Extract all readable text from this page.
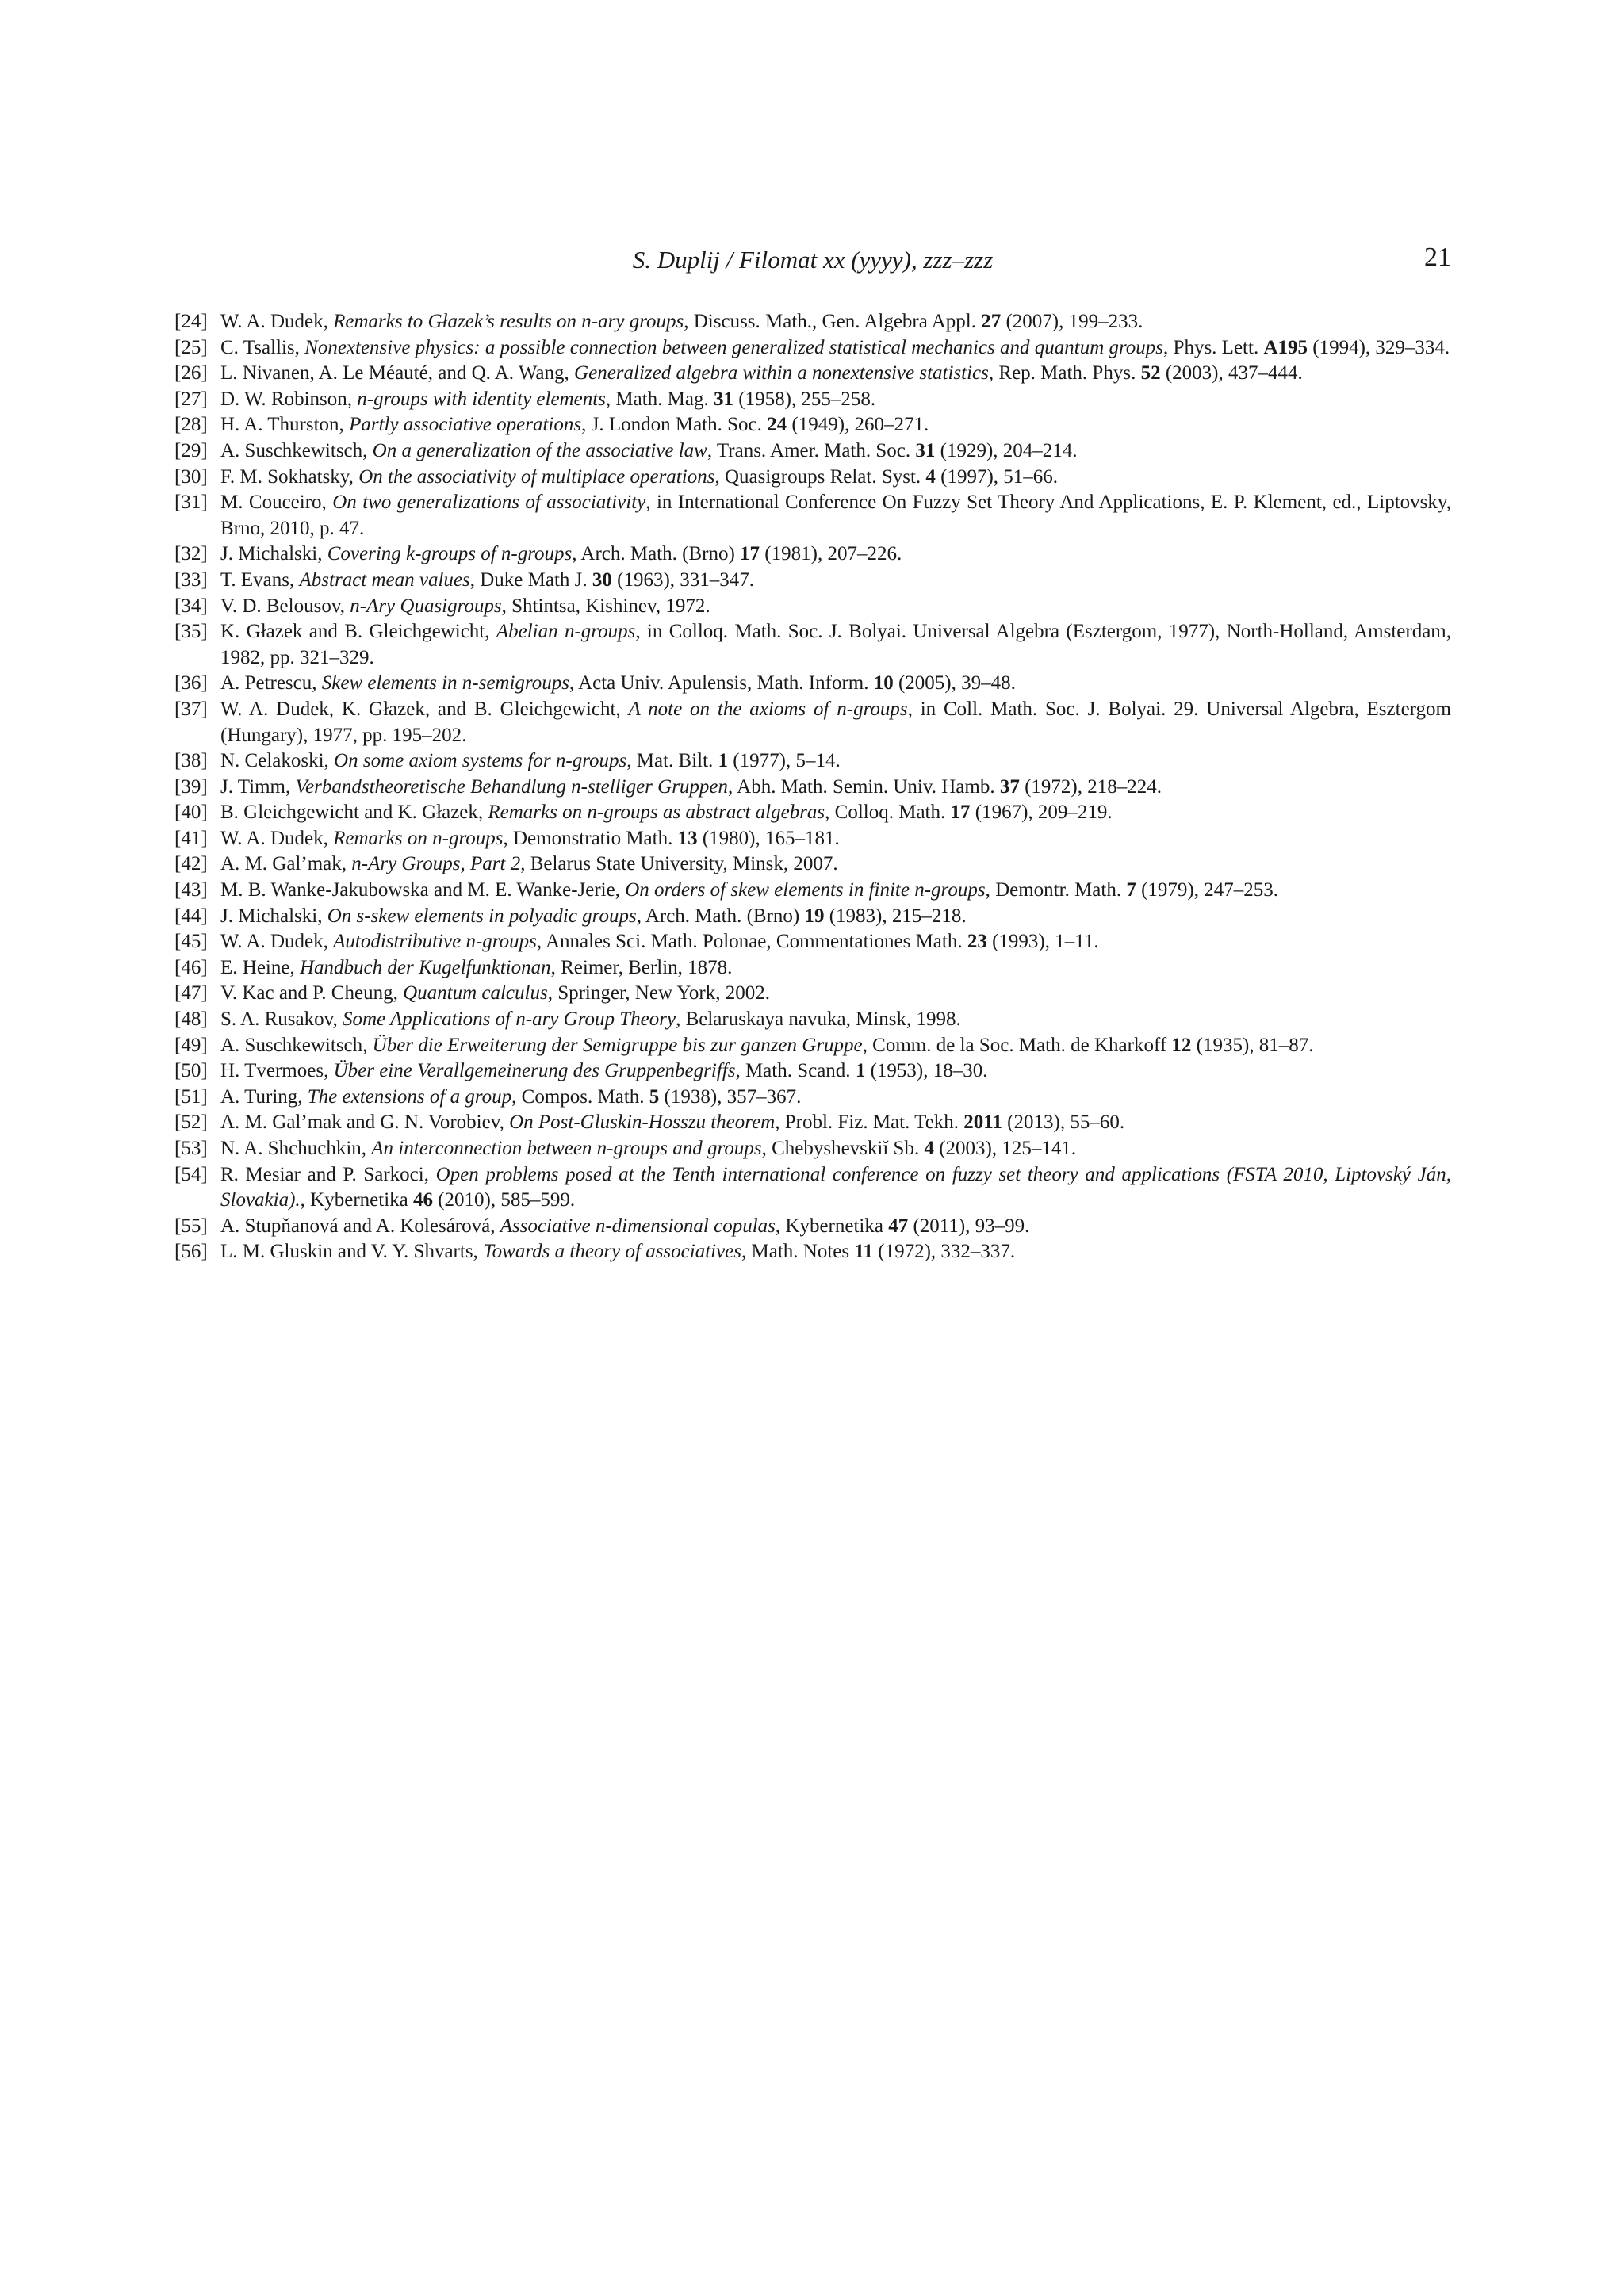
S. Duplij / Filomat xx (yyyy), zzz–zzz	21
[24] W. A. Dudek, Remarks to Głazek’s results on n-ary groups, Discuss. Math., Gen. Algebra Appl. 27 (2007), 199–233.
[25] C. Tsallis, Nonextensive physics: a possible connection between generalized statistical mechanics and quantum groups, Phys. Lett. A195 (1994), 329–334.
[26] L. Nivanen, A. Le Méauté, and Q. A. Wang, Generalized algebra within a nonextensive statistics, Rep. Math. Phys. 52 (2003), 437–444.
[27] D. W. Robinson, n-groups with identity elements, Math. Mag. 31 (1958), 255–258.
[28] H. A. Thurston, Partly associative operations, J. London Math. Soc. 24 (1949), 260–271.
[29] A. Suschkewitsch, On a generalization of the associative law, Trans. Amer. Math. Soc. 31 (1929), 204–214.
[30] F. M. Sokhatsky, On the associativity of multiplace operations, Quasigroups Relat. Syst. 4 (1997), 51–66.
[31] M. Couceiro, On two generalizations of associativity, in International Conference On Fuzzy Set Theory And Applications, E. P. Klement, ed., Liptovsky, Brno, 2010, p. 47.
[32] J. Michalski, Covering k-groups of n-groups, Arch. Math. (Brno) 17 (1981), 207–226.
[33] T. Evans, Abstract mean values, Duke Math J. 30 (1963), 331–347.
[34] V. D. Belousov, n-Ary Quasigroups, Shtintsa, Kishinev, 1972.
[35] K. Głazek and B. Gleichgewicht, Abelian n-groups, in Colloq. Math. Soc. J. Bolyai. Universal Algebra (Esztergom, 1977), North-Holland, Amsterdam, 1982, pp. 321–329.
[36] A. Petrescu, Skew elements in n-semigroups, Acta Univ. Apulensis, Math. Inform. 10 (2005), 39–48.
[37] W. A. Dudek, K. Głazek, and B. Gleichgewicht, A note on the axioms of n-groups, in Coll. Math. Soc. J. Bolyai. 29. Universal Algebra, Esztergom (Hungary), 1977, pp. 195–202.
[38] N. Celakoski, On some axiom systems for n-groups, Mat. Bilt. 1 (1977), 5–14.
[39] J. Timm, Verbandstheoretische Behandlung n-stelliger Gruppen, Abh. Math. Semin. Univ. Hamb. 37 (1972), 218–224.
[40] B. Gleichgewicht and K. Głazek, Remarks on n-groups as abstract algebras, Colloq. Math. 17 (1967), 209–219.
[41] W. A. Dudek, Remarks on n-groups, Demonstratio Math. 13 (1980), 165–181.
[42] A. M. Gal’mak, n-Ary Groups, Part 2, Belarus State University, Minsk, 2007.
[43] M. B. Wanke-Jakubowska and M. E. Wanke-Jerie, On orders of skew elements in finite n-groups, Demontr. Math. 7 (1979), 247–253.
[44] J. Michalski, On s-skew elements in polyadic groups, Arch. Math. (Brno) 19 (1983), 215–218.
[45] W. A. Dudek, Autodistributive n-groups, Annales Sci. Math. Polonae, Commentationes Math. 23 (1993), 1–11.
[46] E. Heine, Handbuch der Kugelfunktionan, Reimer, Berlin, 1878.
[47] V. Kac and P. Cheung, Quantum calculus, Springer, New York, 2002.
[48] S. A. Rusakov, Some Applications of n-ary Group Theory, Belaruskaya navuka, Minsk, 1998.
[49] A. Suschkewitsch, Über die Erweiterung der Semigruppe bis zur ganzen Gruppe, Comm. de la Soc. Math. de Kharkoff 12 (1935), 81–87.
[50] H. Tvermoes, Über eine Verallgemeinerung des Gruppenbegriffs, Math. Scand. 1 (1953), 18–30.
[51] A. Turing, The extensions of a group, Compos. Math. 5 (1938), 357–367.
[52] A. M. Gal’mak and G. N. Vorobiev, On Post-Gluskin-Hosszu theorem, Probl. Fiz. Mat. Tekh. 2011 (2013), 55–60.
[53] N. A. Shchuchkin, An interconnection between n-groups and groups, Chebyshevskiĭ Sb. 4 (2003), 125–141.
[54] R. Mesiar and P. Sarkoci, Open problems posed at the Tenth international conference on fuzzy set theory and applications (FSTA 2010, Liptovský Ján, Slovakia)., Kybernetika 46 (2010), 585–599.
[55] A. Stupňanová and A. Kolesárová, Associative n-dimensional copulas, Kybernetika 47 (2011), 93–99.
[56] L. M. Gluskin and V. Y. Shvarts, Towards a theory of associatives, Math. Notes 11 (1972), 332–337.
